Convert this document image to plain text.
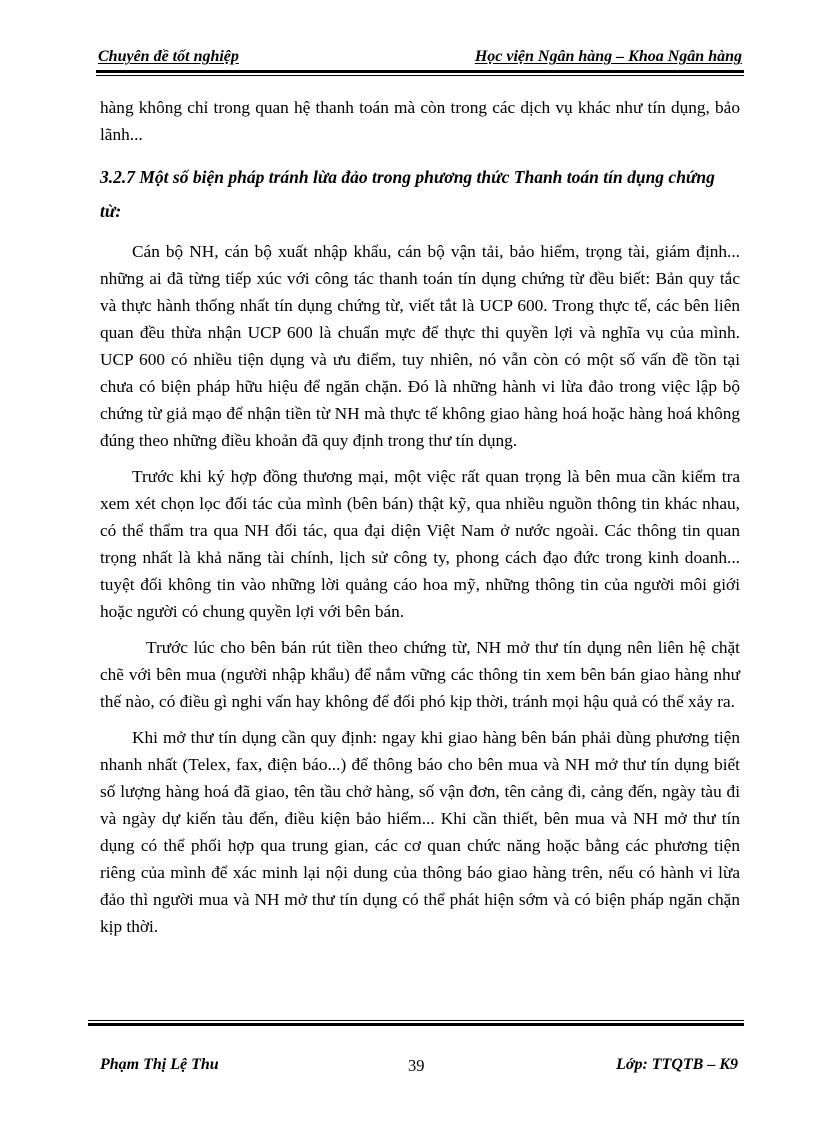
Chuyên đề tốt nghiệp	Học viện Ngân hàng – Khoa Ngân hàng

hàng không chỉ trong quan hệ thanh toán mà còn trong các dịch vụ khác như tín dụng, bảo lãnh...

3.2.7 Một số biện pháp tránh lừa đảo trong phương thức Thanh toán tín dụng chứng từ:

Cán bộ NH, cán bộ xuất nhập khẩu, cán bộ vận tải, bảo hiểm, trọng tài, giám định... những ai đã từng tiếp xúc với công tác thanh toán tín dụng chứng từ đều biết: Bản quy tắc và thực hành thống nhất tín dụng chứng từ, viết tắt là UCP 600. Trong thực tế, các bên liên quan đều thừa nhận UCP 600 là chuẩn mực để thực thi quyền lợi và nghĩa vụ của mình. UCP 600 có nhiều tiện dụng và ưu điểm, tuy nhiên, nó vẫn còn có một số vấn đề tồn tại chưa có biện pháp hữu hiệu để ngăn chặn. Đó là những hành vi lừa đảo trong việc lập bộ chứng từ giả mạo để nhận tiền từ NH mà thực tế không giao hàng hoá hoặc hàng hoá không đúng theo những điều khoản đã quy định trong thư tín dụng.

Trước khi ký hợp đồng thương mại, một việc rất quan trọng là bên mua cần kiểm tra xem xét chọn lọc đối tác của mình (bên bán) thật kỹ, qua nhiều nguồn thông tin khác nhau, có thể thẩm tra qua NH đối tác, qua đại diện Việt Nam ở nước ngoài. Các thông tin quan trọng nhất là khả năng tài chính, lịch sử công ty, phong cách đạo đức trong kinh doanh... tuyệt đối không tin vào những lời quảng cáo hoa mỹ, những thông tin của người môi giới hoặc người có chung quyền lợi với bên bán.

Trước lúc cho bên bán rút tiền theo chứng từ, NH mở thư tín dụng nên liên hệ chặt chẽ với bên mua (người nhập khẩu) để nắm vững các thông tin xem bên bán giao hàng như thế nào, có điều gì nghi vấn hay không để đối phó kịp thời, tránh mọi hậu quả có thể xảy ra.

Khi mở thư tín dụng cần quy định: ngay khi giao hàng bên bán phải dùng phương tiện nhanh nhất (Telex, fax, điện báo...) để thông báo cho bên mua và NH mở thư tín dụng biết số lượng hàng hoá đã giao, tên tầu chở hàng, số vận đơn, tên cảng đi, cảng đến, ngày tàu đi và ngày dự kiến tàu đến, điều kiện bảo hiểm... Khi cần thiết, bên mua và NH mở thư tín dụng có thể phối hợp qua trung gian, các cơ quan chức năng hoặc bằng các phương tiện riêng của mình để xác minh lại nội dung của thông báo giao hàng trên, nếu có hành vi lừa đảo thì người mua và NH mở thư tín dụng có thể phát hiện sớm và có biện pháp ngăn chặn kịp thời.

Phạm Thị Lệ Thu	39	Lớp: TTQTB – K9
